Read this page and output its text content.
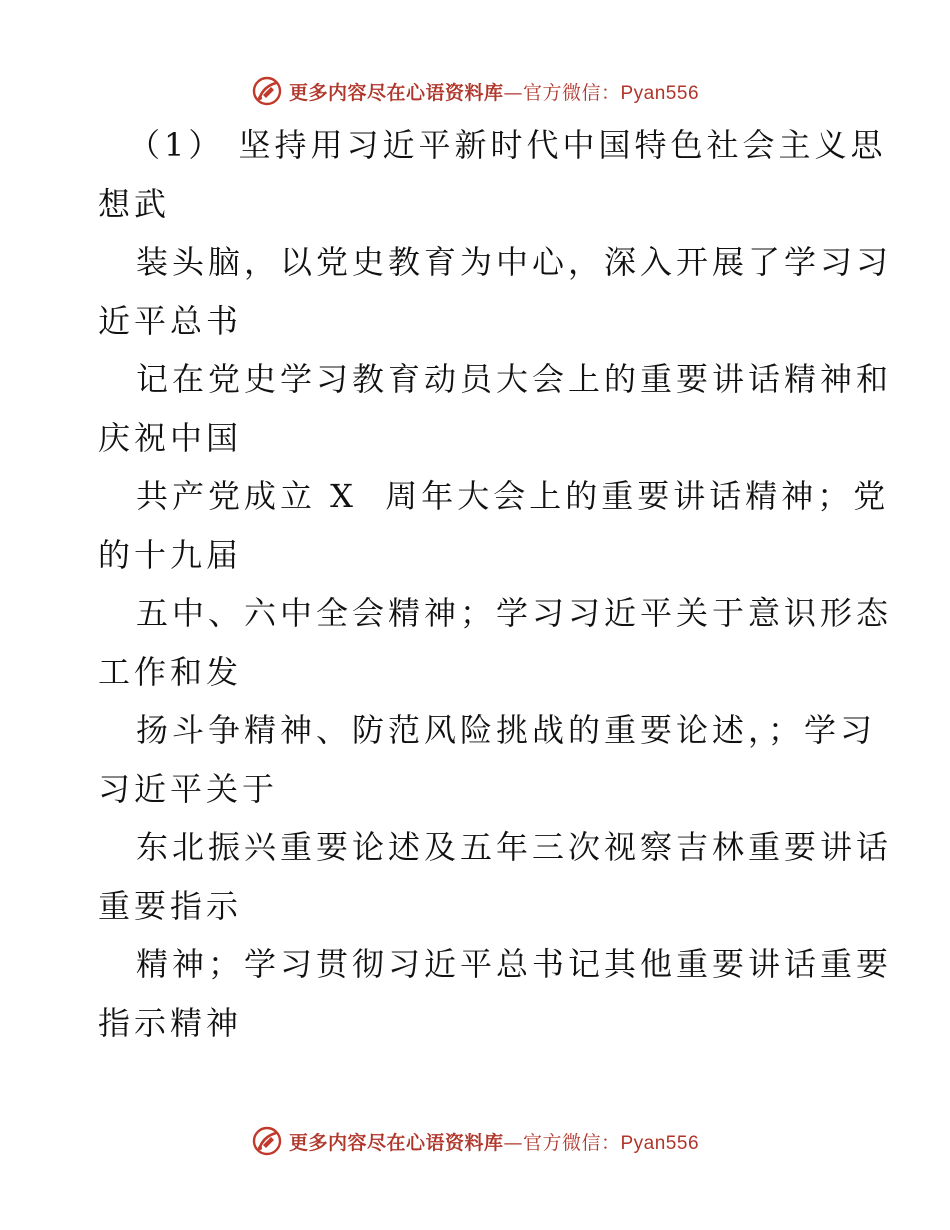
更多内容尽在心语资料库—官方微信：Pyan556
（1） 坚持用习近平新时代中国特色社会主义思
想武
装头脑，以党史教育为中心，深入开展了学习习
近平总书
记在党史学习教育动员大会上的重要讲话精神和
庆祝中国
共产党成立 X  周年大会上的重要讲话精神；党
的十九届
五中、六中全会精神；学习习近平关于意识形态
工作和发
扬斗争精神、防范风险挑战的重要论述，；学习
习近平关于
东北振兴重要论述及五年三次视察吉林重要讲话
重要指示
精神；学习贯彻习近平总书记其他重要讲话重要
指示精神
更多内容尽在心语资料库—官方微信：Pyan556
